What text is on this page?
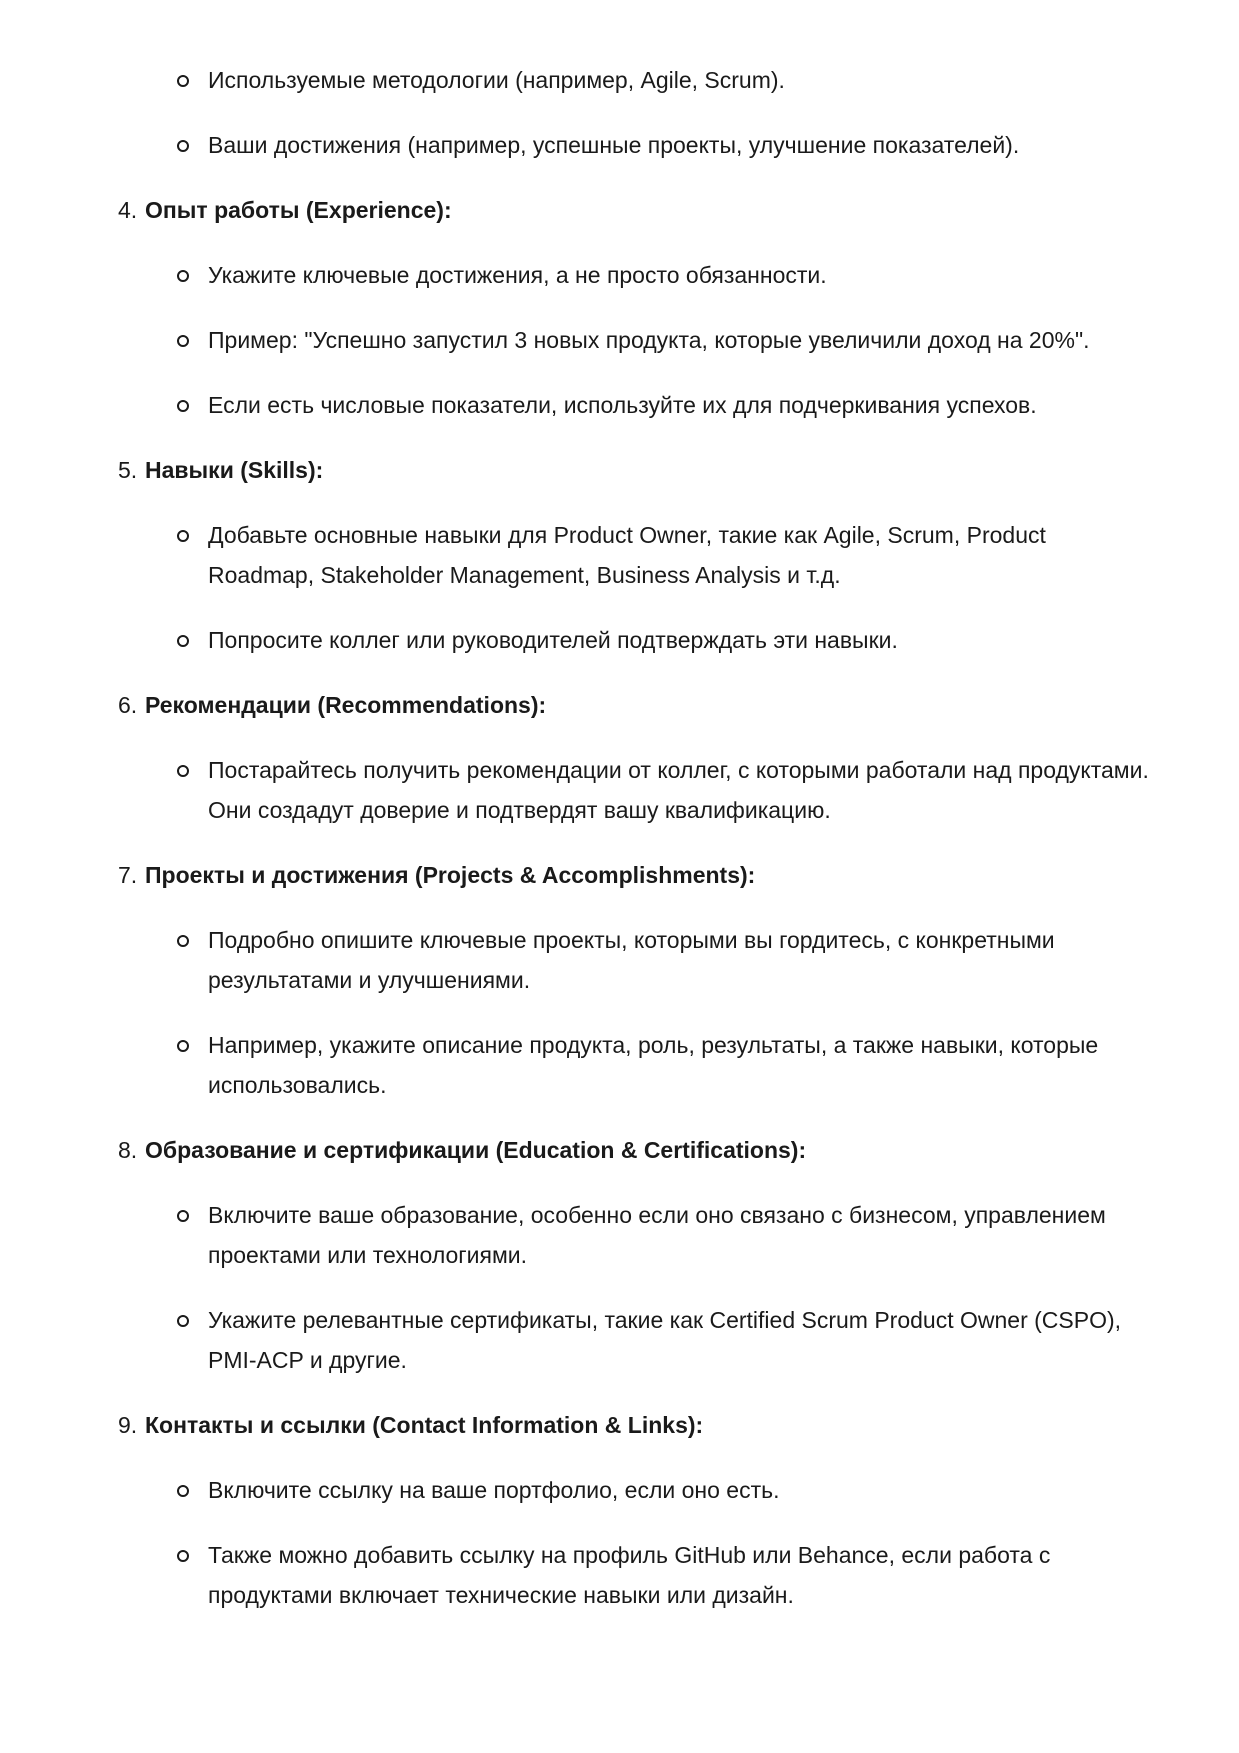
Используемые методологии (например, Agile, Scrum).
Ваши достижения (например, успешные проекты, улучшение показателей).
4. Опыт работы (Experience):
Укажите ключевые достижения, а не просто обязанности.
Пример: "Успешно запустил 3 новых продукта, которые увеличили доход на 20%".
Если есть числовые показатели, используйте их для подчеркивания успехов.
5. Навыки (Skills):
Добавьте основные навыки для Product Owner, такие как Agile, Scrum, Product Roadmap, Stakeholder Management, Business Analysis и т.д.
Попросите коллег или руководителей подтверждать эти навыки.
6. Рекомендации (Recommendations):
Постарайтесь получить рекомендации от коллег, с которыми работали над продуктами. Они создадут доверие и подтвердят вашу квалификацию.
7. Проекты и достижения (Projects & Accomplishments):
Подробно опишите ключевые проекты, которыми вы гордитесь, с конкретными результатами и улучшениями.
Например, укажите описание продукта, роль, результаты, а также навыки, которые использовались.
8. Образование и сертификации (Education & Certifications):
Включите ваше образование, особенно если оно связано с бизнесом, управлением проектами или технологиями.
Укажите релевантные сертификаты, такие как Certified Scrum Product Owner (CSPO), PMI-ACP и другие.
9. Контакты и ссылки (Contact Information & Links):
Включите ссылку на ваше портфолио, если оно есть.
Также можно добавить ссылку на профиль GitHub или Behance, если работа с продуктами включает технические навыки или дизайн.
